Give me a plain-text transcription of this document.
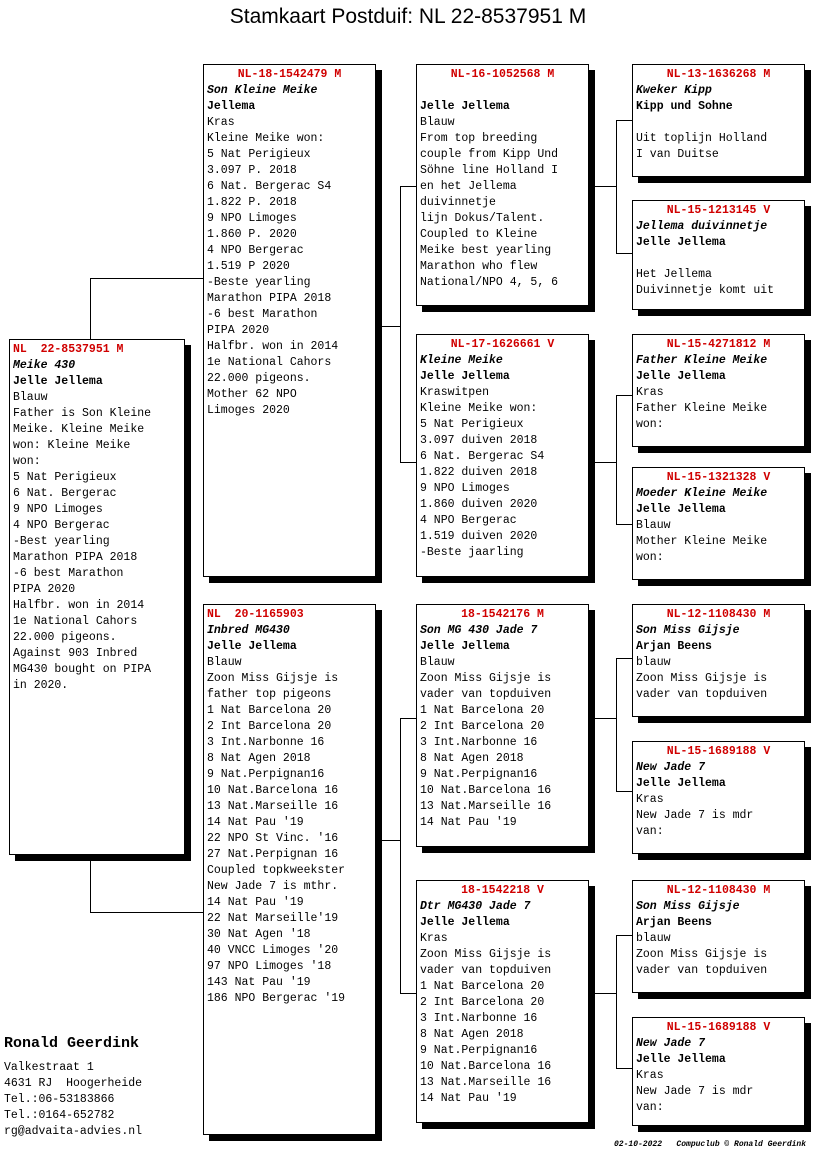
Stamkaart Postduif: NL 22-8537951 M
NL  22-8537951 M
Meike 430
Jelle Jellema
Blauw
Father is Son Kleine
Meike. Kleine Meike
won: Kleine Meike
won:
5 Nat Perigieux
6 Nat. Bergerac
9 NPO Limoges
4 NPO Bergerac
-Best yearling
Marathon PIPA 2018
-6 best Marathon
PIPA 2020
Halfbr. won in 2014
1e National Cahors
22.000 pigeons.
Against 903 Inbred
MG430 bought on PIPA
in 2020.
NL-18-1542479 M
Son Kleine Meike
Jellema
Kras
Kleine Meike won:
5 Nat Perigieux
3.097 P. 2018
6 Nat. Bergerac S4
1.822 P. 2018
9 NPO Limoges
1.860 P. 2020
4 NPO Bergerac
1.519 P 2020
-Beste yearling
Marathon PIPA 2018
-6 best Marathon
PIPA 2020
Halfbr. won in 2014
1e National Cahors
22.000 pigeons.
Mother 62 NPO
Limoges 2020
NL  20-1165903
Inbred MG430
Jelle Jellema
Blauw
Zoon Miss Gijsje is
father top pigeons
1 Nat Barcelona 20
2 Int Barcelona 20
3 Int.Narbonne 16
8 Nat Agen 2018
9 Nat.Perpignan16
10 Nat.Barcelona 16
13 Nat.Marseille 16
14 Nat Pau '19
22 NPO St Vinc. '16
27 Nat.Perpignan 16
Coupled topkweekster
New Jade 7 is mthr.
14 Nat Pau '19
22 Nat Marseille'19
30 Nat Agen '18
40 VNCC Limoges '20
97 NPO Limoges '18
143 Nat Pau '19
186 NPO Bergerac '19
NL-16-1052568 M
Jelle Jellema
Blauw
From top breeding
couple from Kipp Und
Söhne line Holland I
en het Jellema
duivinnetje
lijn Dokus/Talent.
Coupled to Kleine
Meike best yearling
Marathon who flew
National/NPO 4, 5, 6
NL-17-1626661 V
Kleine Meike
Jelle Jellema
Kraswitpen
Kleine Meike won:
5 Nat Perigieux
3.097 duiven 2018
6 Nat. Bergerac S4
1.822 duiven 2018
9 NPO Limoges
1.860 duiven 2020
4 NPO Bergerac
1.519 duiven 2020
-Beste jaarling
18-1542176 M
Son MG 430 Jade 7
Jelle Jellema
Blauw
Zoon Miss Gijsje is
vader van topduiven
1 Nat Barcelona 20
2 Int Barcelona 20
3 Int.Narbonne 16
8 Nat Agen 2018
9 Nat.Perpignan16
10 Nat.Barcelona 16
13 Nat.Marseille 16
14 Nat Pau '19
18-1542218 V
Dtr MG430 Jade 7
Jelle Jellema
Kras
Zoon Miss Gijsje is
vader van topduiven
1 Nat Barcelona 20
2 Int Barcelona 20
3 Int.Narbonne 16
8 Nat Agen 2018
9 Nat.Perpignan16
10 Nat.Barcelona 16
13 Nat.Marseille 16
14 Nat Pau '19
NL-13-1636268 M
Kweker Kipp
Kipp und Sohne
Uit toplijn Holland
I van Duitse
NL-15-1213145 V
Jellema duivinnetje
Jelle Jellema
Het Jellema
Duivinnetje komt uit
NL-15-4271812 M
Father Kleine Meike
Jelle Jellema
Kras
Father Kleine Meike
won:
NL-15-1321328 V
Moeder Kleine Meike
Jelle Jellema
Blauw
Mother Kleine Meike
won:
NL-12-1108430 M
Son Miss Gijsje
Arjan Beens
blauw
Zoon Miss Gijsje is
vader van topduiven
NL-15-1689188 V
New Jade 7
Jelle Jellema
Kras
New Jade 7 is mdr
van:
NL-12-1108430 M
Son Miss Gijsje
Arjan Beens
blauw
Zoon Miss Gijsje is
vader van topduiven
NL-15-1689188 V
New Jade 7
Jelle Jellema
Kras
New Jade 7 is mdr
van:
Ronald Geerdink
Valkestraat 1
4631 RJ  Hoogerheide
Tel.:06-53183866
Tel.:0164-652782
rg@advaita-advies.nl
02-10-2022   Compuclub © Ronald Geerdink
